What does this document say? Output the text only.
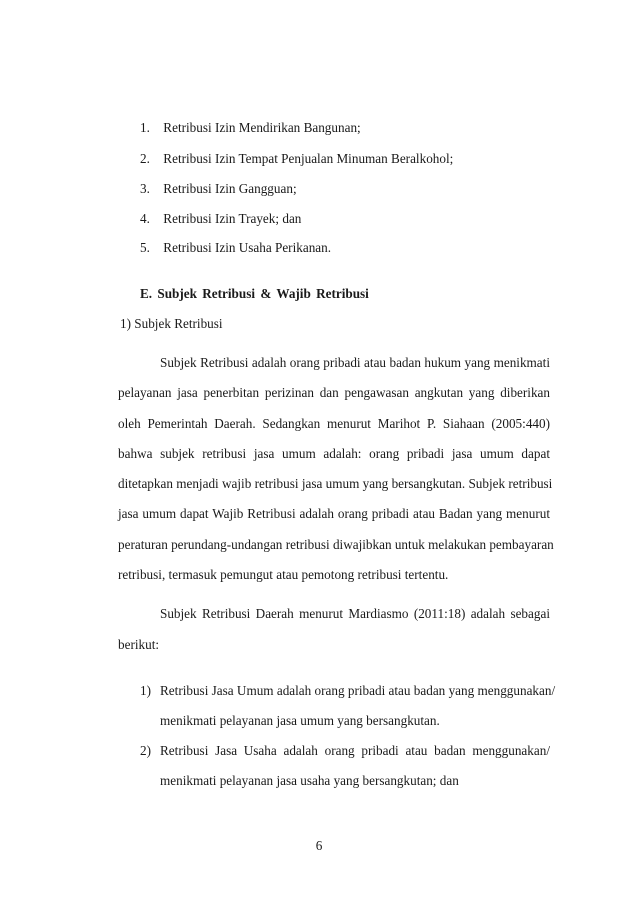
1. Retribusi Izin Mendirikan Bangunan;
2. Retribusi Izin Tempat Penjualan Minuman Beralkohol;
3. Retribusi Izin Gangguan;
4. Retribusi Izin Trayek; dan
5. Retribusi Izin Usaha Perikanan.
E. Subjek Retribusi & Wajib Retribusi
1) Subjek Retribusi
Subjek Retribusi adalah orang pribadi atau badan hukum yang menikmati
pelayanan jasa penerbitan perizinan dan pengawasan angkutan yang diberikan
oleh Pemerintah Daerah. Sedangkan menurut Marihot P. Siahaan (2005:440)
bahwa subjek retribusi jasa umum adalah: orang pribadi jasa umum dapat
ditetapkan menjadi wajib retribusi jasa umum yang bersangkutan. Subjek retribusi
jasa umum dapat Wajib Retribusi adalah orang pribadi atau Badan yang menurut
peraturan perundang-undangan retribusi diwajibkan untuk melakukan pembayaran
retribusi, termasuk pemungut atau pemotong retribusi tertentu.
Subjek Retribusi Daerah menurut Mardiasmo (2011:18) adalah sebagai
berikut:
1) Retribusi Jasa Umum adalah orang pribadi atau badan yang menggunakan/
menikmati pelayanan jasa umum yang bersangkutan.
2) Retribusi Jasa Usaha adalah orang pribadi atau badan menggunakan/
menikmati pelayanan jasa usaha yang bersangkutan; dan
6
